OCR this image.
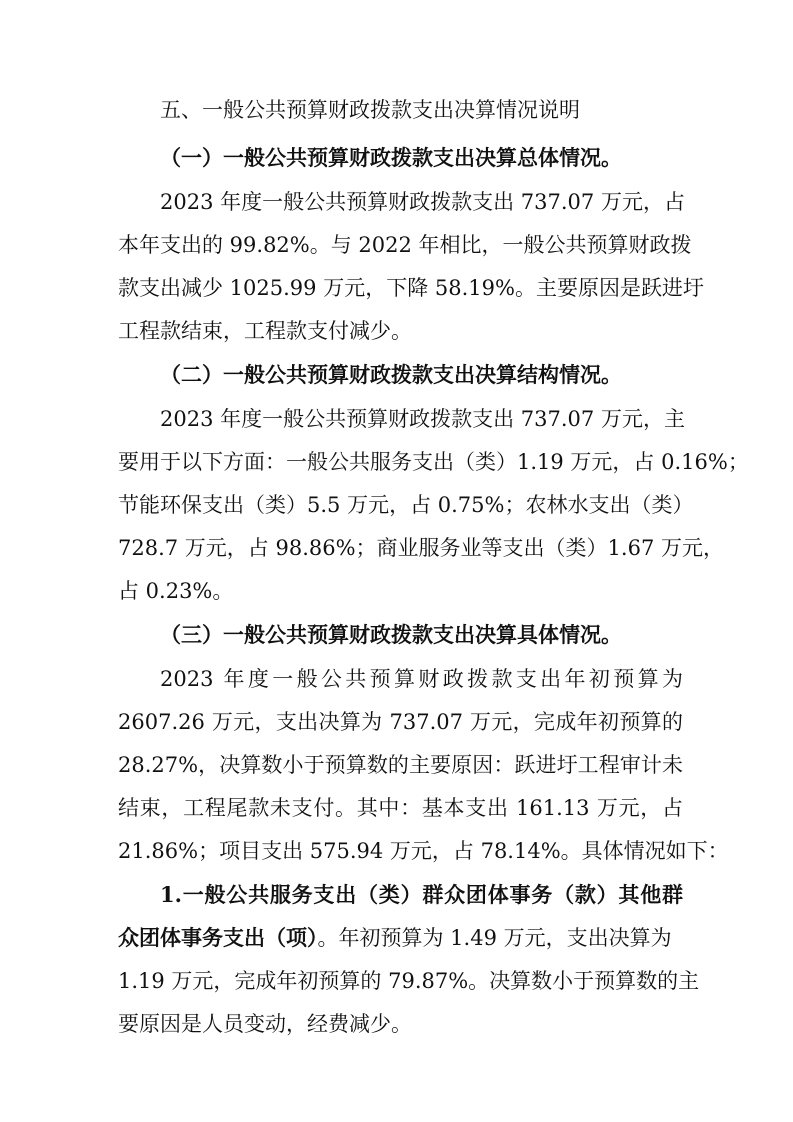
五、一般公共预算财政拨款支出决算情况说明
（一）一般公共预算财政拨款支出决算总体情况。
2023 年度一般公共预算财政拨款支出 737.07 万元，占
本年支出的 99.82%。与 2022 年相比，一般公共预算财政拨
款支出减少 1025.99 万元，下降 58.19%。主要原因是跃进圩
工程款结束，工程款支付减少。
（二）一般公共预算财政拨款支出决算结构情况。
2023 年度一般公共预算财政拨款支出 737.07 万元，主
要用于以下方面：一般公共服务支出（类）1.19 万元，占 0.16%；
节能环保支出（类）5.5 万元，占 0.75%；农林水支出（类）
728.7 万元，占 98.86%；商业服务业等支出（类）1.67 万元，
占 0.23%。
（三）一般公共预算财政拨款支出决算具体情况。
2023 年度一般公共预算财政拨款支出年初预算为
2607.26 万元，支出决算为 737.07 万元，完成年初预算的
28.27%，决算数小于预算数的主要原因：跃进圩工程审计未
结束，工程尾款未支付。其中：基本支出 161.13 万元，占
21.86%；项目支出 575.94 万元，占 78.14%。具体情况如下：
1.一般公共服务支出（类）群众团体事务（款）其他群
众团体事务支出（项）。年初预算为 1.49 万元，支出决算为
1.19 万元，完成年初预算的 79.87%。决算数小于预算数的主
要原因是人员变动，经费减少。
